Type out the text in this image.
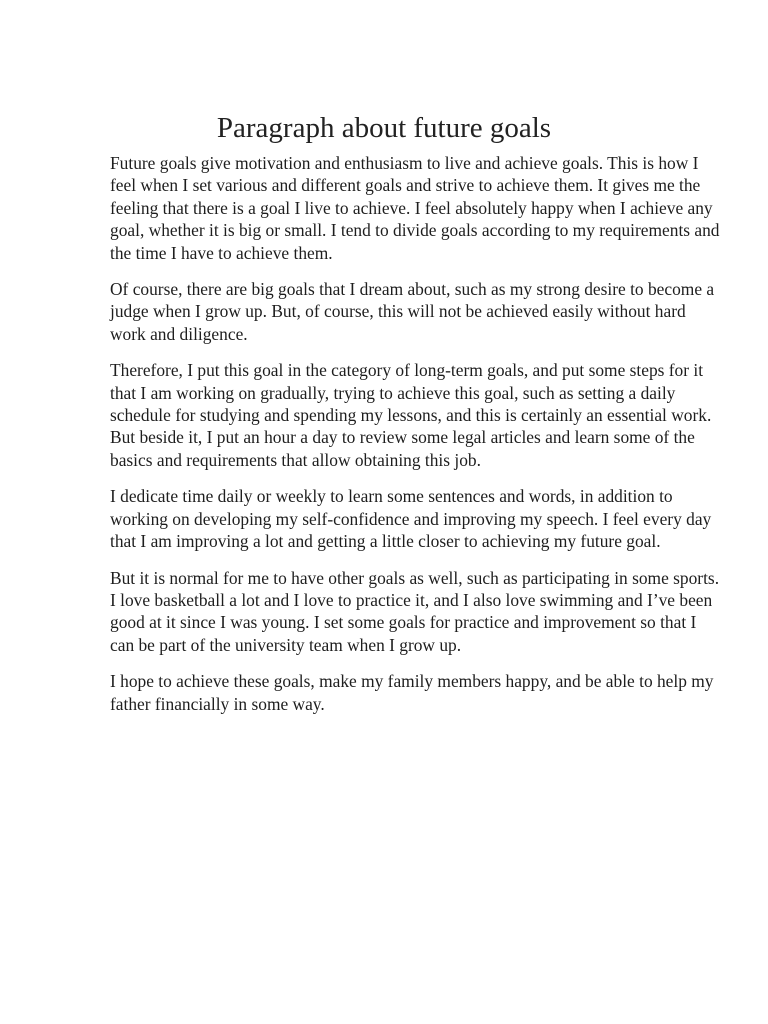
Paragraph about future goals

Future goals give motivation and enthusiasm to live and achieve goals. This is how I feel when I set various and different goals and strive to achieve them. It gives me the feeling that there is a goal I live to achieve. I feel absolutely happy when I achieve any goal, whether it is big or small. I tend to divide goals according to my requirements and the time I have to achieve them.

Of course, there are big goals that I dream about, such as my strong desire to become a judge when I grow up. But, of course, this will not be achieved easily without hard work and diligence.

Therefore, I put this goal in the category of long-term goals, and put some steps for it that I am working on gradually, trying to achieve this goal, such as setting a daily schedule for studying and spending my lessons, and this is certainly an essential work. But beside it, I put an hour a day to review some legal articles and learn some of the basics and requirements that allow obtaining this job.

I dedicate time daily or weekly to learn some sentences and words, in addition to working on developing my self-confidence and improving my speech. I feel every day that I am improving a lot and getting a little closer to achieving my future goal.

But it is normal for me to have other goals as well, such as participating in some sports. I love basketball a lot and I love to practice it, and I also love swimming and I’ve been good at it since I was young. I set some goals for practice and improvement so that I can be part of the university team when I grow up.

I hope to achieve these goals, make my family members happy, and be able to help my father financially in some way.
